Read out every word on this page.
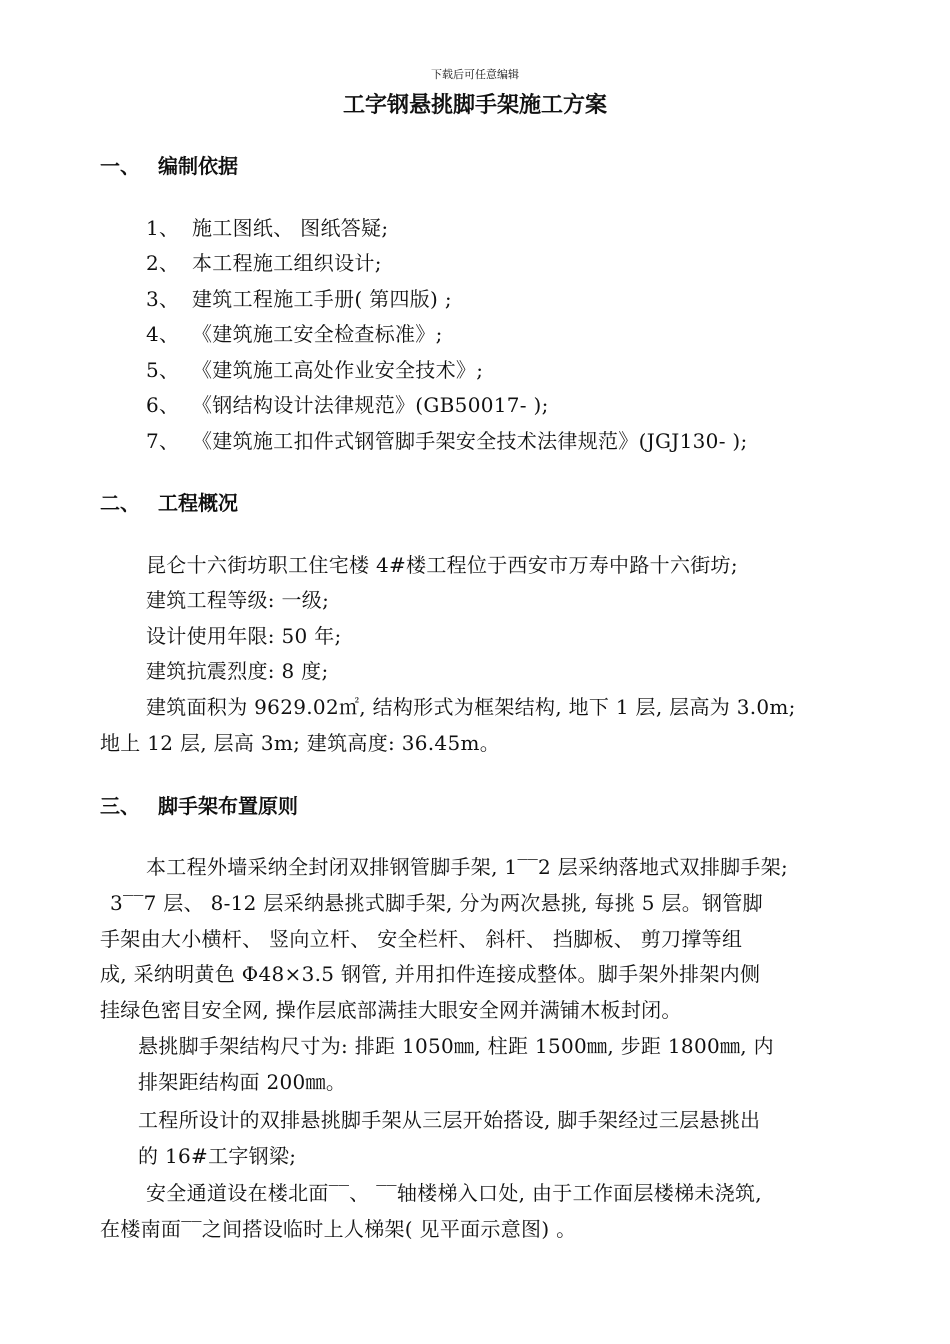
下载后可任意编辑
工字钢悬挑脚手架施工方案
一、 编制依据
1、 施工图纸、 图纸答疑;
2、 本工程施工组织设计;
3、 建筑工程施工手册( 第四版) ;
4、 《建筑施工安全检查标准》;
5、 《建筑施工高处作业安全技术》;
6、 《钢结构设计法律规范》(GB50017- );
7、 《建筑施工扣件式钢管脚手架安全技术法律规范》(JGJ130- );
二、 工程概况
昆仑十六街坊职工住宅楼 4#楼工程位于西安市万寿中路十六街坊;
建筑工程等级: 一级;
设计使用年限: 50 年;
建筑抗震烈度: 8 度;
建筑面积为 9629.02㎡, 结构形式为框架结构, 地下 1 层, 层高为 3.0m;
地上 12 层, 层高 3m; 建筑高度: 36.45m。
三、 脚手架布置原则
本工程外墙采纳全封闭双排钢管脚手架, 1‾‾2 层采纳落地式双排脚手架;
3‾‾7 层、 8-12 层采纳悬挑式脚手架, 分为两次悬挑, 每挑 5 层。钢管脚
手架由大小横杆、 竖向立杆、 安全栏杆、 斜杆、 挡脚板、 剪刀撑等组
成, 采纳明黄色 Φ48×3.5 钢管, 并用扣件连接成整体。脚手架外排架内侧
挂绿色密目安全网, 操作层底部满挂大眼安全网并满铺木板封闭。
悬挑脚手架结构尺寸为: 排距 1050㎜, 柱距 1500㎜, 步距 1800㎜, 内
排架距结构面 200㎜。
工程所设计的双排悬挑脚手架从三层开始搭设, 脚手架经过三层悬挑出
的 16#工字钢梁;
安全通道设在楼北面‾‾、 ‾‾轴楼梯入口处, 由于工作面层楼梯未浇筑,
在楼南面‾‾之间搭设临时上人梯架( 见平面示意图) 。
